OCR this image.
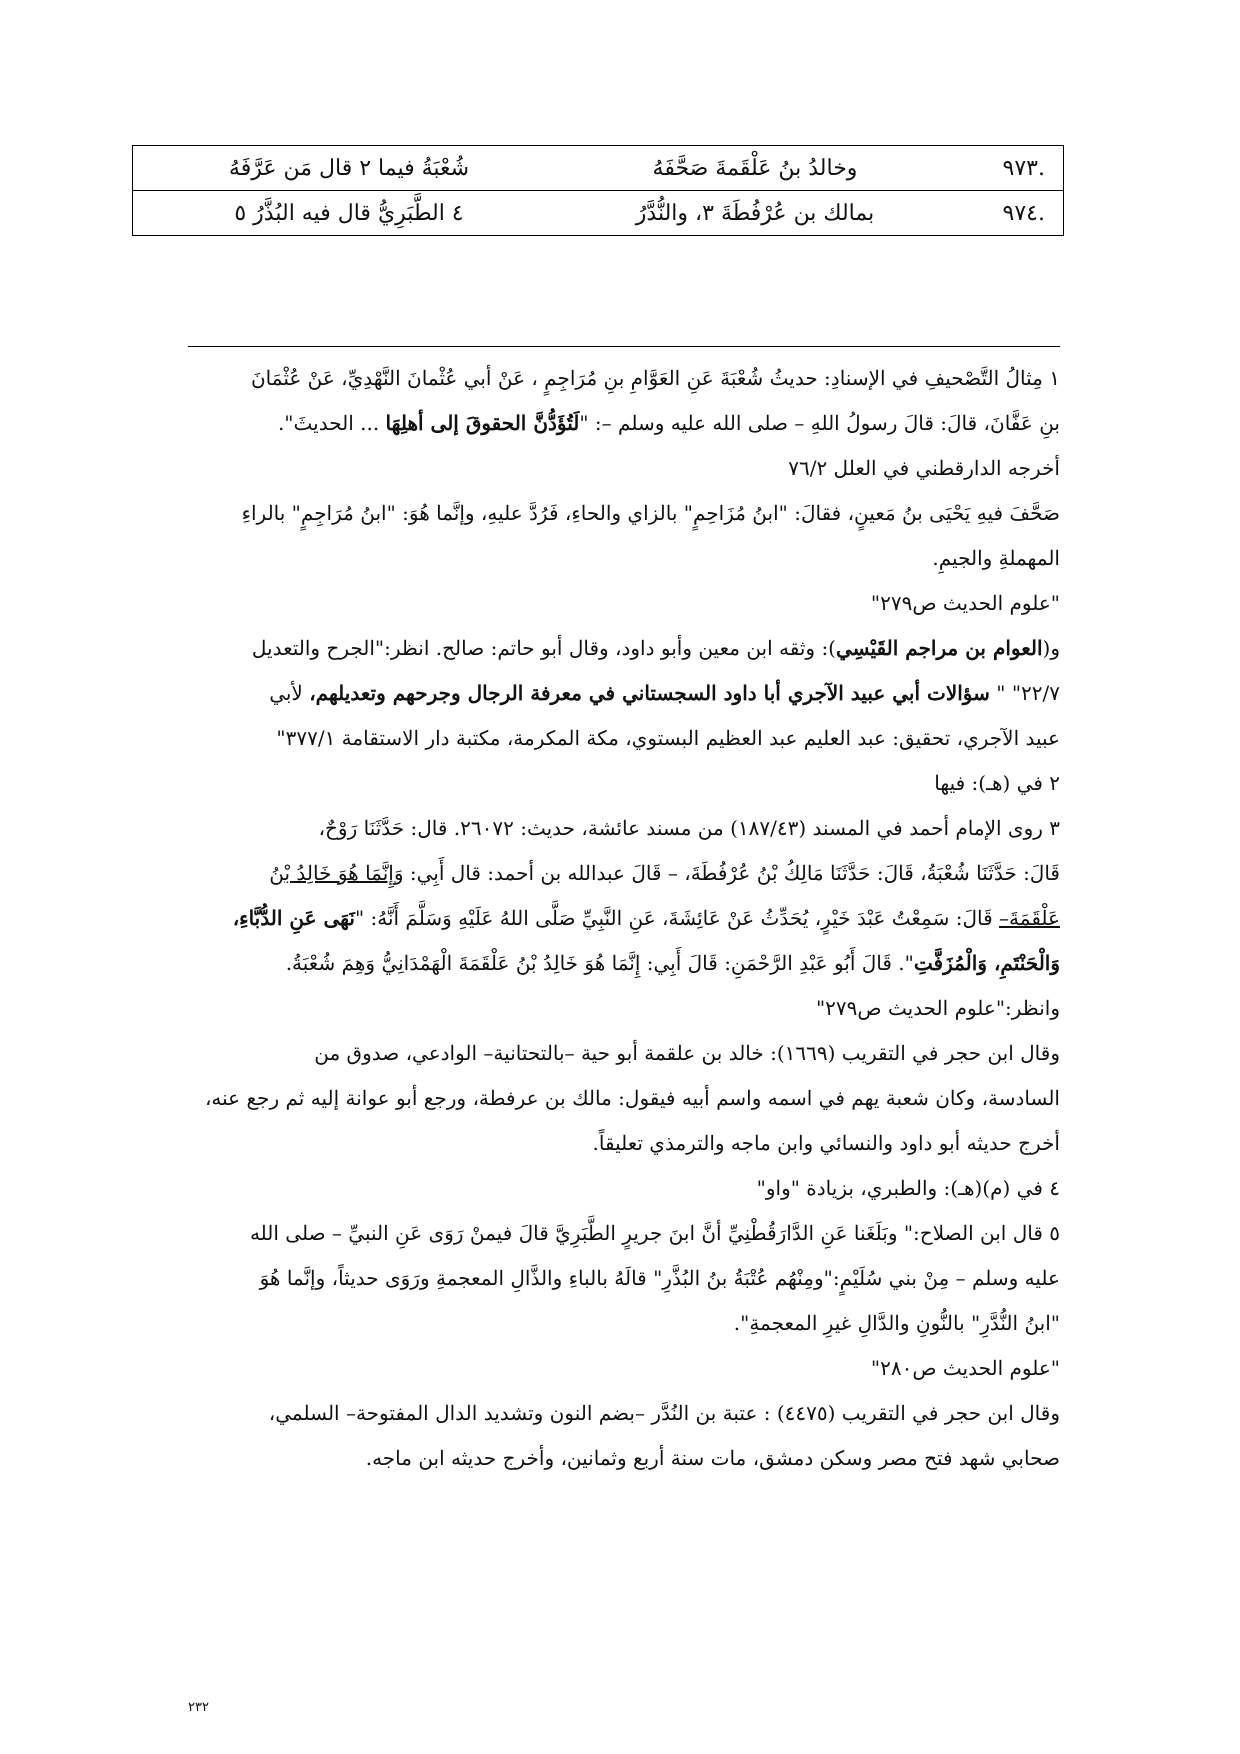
.٩٧٣	وخالدُ بنُ عَلْقَمةَ صَحَّفَهُ	شُعْبَةُ فيما ٢ قال مَن عَرَّفَهُ
.٩٧٤	بمالك بن عُرْفُطَةَ ٣، والنُّدَّرُ	٤ الطَّبَرِيُّ قال فيه البُذَّرُ ٥

١ مِثالُ التَّصْحيفِ في الإسنادِ: حديثُ شُعْبَةَ عَنِ العَوَّامِ بنِ مُرَاجِمٍ ، عَنْ أبي عُثْمانَ النَّهْدِيِّ، عَنْ عُثْمَانَ

بنِ عَفَّانَ، قالَ: قالَ رسولُ اللهِ – صلى الله عليه وسلم –: "لَتُؤَدُّنَّ الحقوقَ إلى أهلِهَا ... الحديثَ".

أخرجه الدارقطني في العلل ٧٦/٢

صَحَّفَ فيهِ يَحْيَى بنُ مَعينٍ، فقالَ: "ابنُ مُزَاحِمٍ" بالزاي والحاءِ، فَرُدَّ عليهِ، وإنَّما هُوَ: "ابنُ مُرَاجِمٍ" بالراءِ

المهملةِ والجيمِ.

"علوم الحديث ص٢٧٩"

و(العوام بن مراجم القَيْسِي): وثقه ابن معين وأبو داود، وقال أبو حاتم: صالح. انظر:"الجرح والتعديل

٢٢/٧" " سؤالات أبي عبيد الآجري أبا داود السجستاني في معرفة الرجال وجرحهم وتعديلهم، لأبي

عبيد الآجري، تحقيق: عبد العليم عبد العظيم البستوي، مكة المكرمة، مكتبة دار الاستقامة ٣٧٧/١"

٢ في (هـ): فيها

٣ روى الإمام أحمد في المسند (١٨٧/٤٣) من مسند عائشة، حديث: ٢٦٠٧٢. قال: حَدَّثَنَا رَوْحٌ،

قَالَ: حَدَّثَنَا شُعْبَةُ، قَالَ: حَدَّثَنَا مَالِكُ بْنُ عُرْفُطَةَ، – قَالَ عبدالله بن أحمد: قال أَبِي: وَإِنَّمَا هُوَ خَالِدُ بْنُ

عَلْقَمَةَ– قَالَ: سَمِعْتُ عَبْدَ خَيْرٍ، يُحَدِّثُ عَنْ عَائِشَةَ، عَنِ النَّبِيِّ صَلَّى اللهُ عَلَيْهِ وَسَلَّمَ أَنَّهُ: "نَهَى عَنِ الدُّبَّاءِ،

وَالْحَنْتَمِ، وَالْمُزَفَّتِ". قَالَ أَبُو عَبْدِ الرَّحْمَنِ: قَالَ أَبِي: إِنَّمَا هُوَ خَالِدُ بْنُ عَلْقَمَةَ الْهَمْدَانِيُّ وَهِمَ شُعْبَةُ.

وانظر:"علوم الحديث ص٢٧٩"

وقال ابن حجر في التقريب (١٦٦٩): خالد بن علقمة أبو حية –بالتحتانية– الوادعي، صدوق من

السادسة، وكان شعبة يهم في اسمه واسم أبيه فيقول: مالك بن عرفطة، ورجع أبو عوانة إليه ثم رجع عنه،

أخرج حديثه أبو داود والنسائي وابن ماجه والترمذي تعليقاً.

٤ في (م)(هـ): والطبري، بزيادة "واو"

٥ قال ابن الصلاح:" وبَلَغَنا عَنِ الدَّارَقُطْنِيِّ أنَّ ابنَ جريرٍ الطَّبَرِيَّ قالَ فيمنْ رَوَى عَنِ النبيِّ – صلى الله

عليه وسلم – مِنْ بني سُلَيْمٍ:"ومِنْهُم عُتْبَةُ بنُ البُذَّرِ" قالَهُ بالباءِ والذَّالِ المعجمةِ ورَوَى حديثاً، وإنَّما هُوَ

"ابنُ النُّدَّرِ" بالنُّونِ والدَّالِ غيرِ المعجمةِ".

"علوم الحديث ص٢٨٠"

وقال ابن حجر في التقريب (٤٤٧٥) : عتبة بن النُدَّر –بضم النون وتشديد الدال المفتوحة– السلمي،

صحابي شهد فتح مصر وسكن دمشق، مات سنة أربع وثمانين، وأخرج حديثه ابن ماجه.

٢٣٢
